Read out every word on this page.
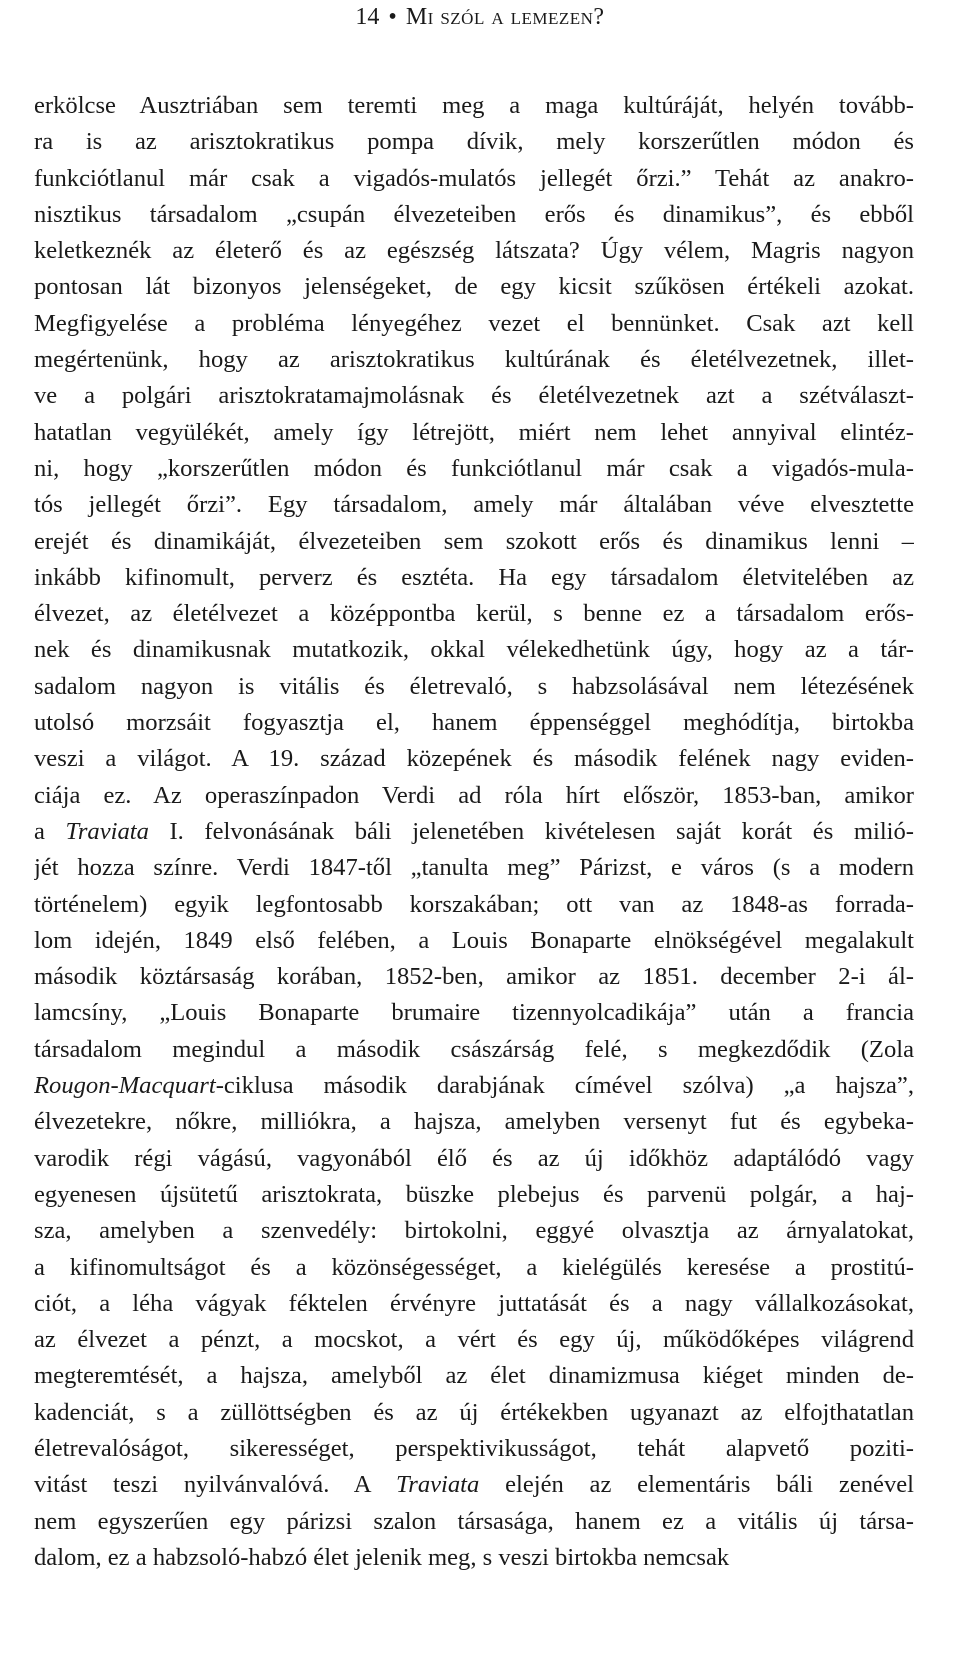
14 • Mi szól a lemezen?
erkölcse Ausztriában sem teremti meg a maga kultúráját, helyén tovább-
ra is az arisztokratikus pompa dívik, mely korszerűtlen módon és
funkciótlanul már csak a vigadós-mulatós jellegét őrzi.” Tehát az anakro-
nisztikus társadalom „csupán élvezeteiben erős és dinamikus”, és ebből
keletkeznék az életerő és az egészség látszata? Úgy vélem, Magris nagyon
pontosan lát bizonyos jelenségeket, de egy kicsit szűkösen értékeli azokat.
Megfigyelése a probléma lényegéhez vezet el bennünket. Csak azt kell
megértenünk, hogy az arisztokratikus kultúrának és életélvezetnek, illet-
ve a polgári arisztokratamajmolásnak és életélvezetnek azt a szétválaszt-
hatatlan vegyülékét, amely így létrejött, miért nem lehet annyival elintéz-
ni, hogy „korszerűtlen módon és funkciótlanul már csak a vigadós-mula-
tós jellegét őrzi”. Egy társadalom, amely már általában véve elvesztette
erejét és dinamikáját, élvezeteiben sem szokott erős és dinamikus lenni –
inkább kifinomult, perverz és esztéta. Ha egy társadalom életvitelében az
élvezet, az életélvezet a középpontba kerül, s benne ez a társadalom erős-
nek és dinamikusnak mutatkozik, okkal vélekedhetünk úgy, hogy az a tár-
sadalom nagyon is vitális és életrevaló, s habzsolásával nem létezésének
utolsó morzsáit fogyasztja el, hanem éppenséggel meghódítja, birtokba
veszi a világot. A 19. század közepének és második felének nagy eviden-
ciája ez. Az operaszínpadon Verdi ad róla hírt először, 1853-ban, amikor
a Traviata I. felvonásának báli jelenetében kivételesen saját korát és milió-
jét hozza színre. Verdi 1847-től „tanulta meg” Párizst, e város (s a modern
történelem) egyik legfontosabb korszakában; ott van az 1848-as forrada-
lom idején, 1849 első felében, a Louis Bonaparte elnökségével megalakult
második köztársaság korában, 1852-ben, amikor az 1851. december 2-i ál-
lamcsíny, „Louis Bonaparte brumaire tizennyolcadikája” után a francia
társadalom megindul a második császárság felé, s megkezdődik (Zola
Rougon-Macquart-ciklusa második darabjának címével szólva) „a hajsza”,
élvezetekre, nőkre, milliókra, a hajsza, amelyben versenyt fut és egybeka-
varodik régi vágású, vagyonából élő és az új időkhöz adaptálódó vagy
egyenesen újsütetű arisztokrata, büszke plebejus és parvenü polgár, a haj-
sza, amelyben a szenvedély: birtokolni, eggyé olvasztja az árnyalatokat,
a kifinomultságot és a közönségességet, a kielégülés keresése a prostitú-
ciót, a léha vágyak féktelen érvényre juttatását és a nagy vállalkozásokat,
az élvezet a pénzt, a mocskot, a vért és egy új, működőképes világrend
megteremtését, a hajsza, amelyből az élet dinamizmusa kiéget minden de-
kadenciát, s a züllöttségben és az új értékekben ugyanazt az elfojthatatlan
életrevalóságot, sikerességet, perspektivikusságot, tehát alapvető poziti-
vitást teszi nyilvánvalóvá. A Traviata elején az elementáris báli zenével
nem egyszerűen egy párizsi szalon társasága, hanem ez a vitális új társa-
dalom, ez a habzsoló-habzó élet jelenik meg, s veszi birtokba nemcsak
